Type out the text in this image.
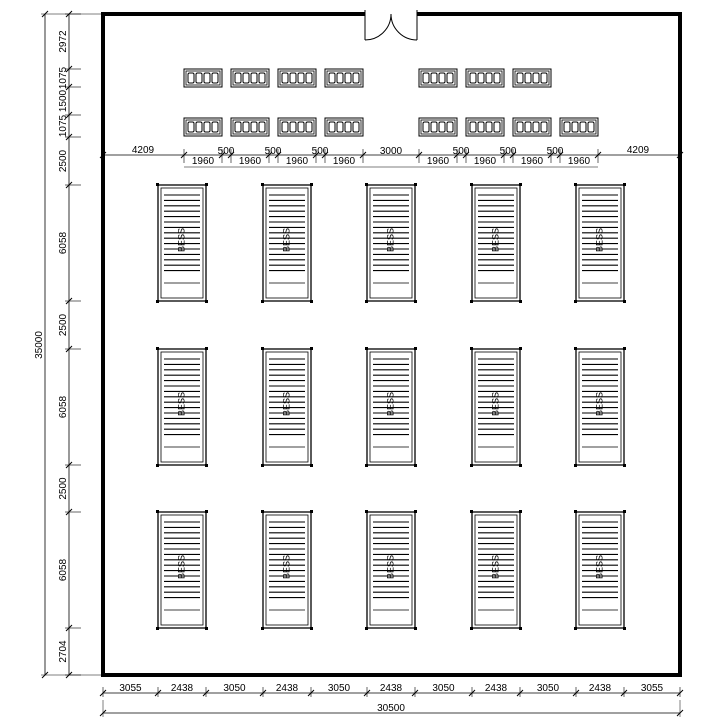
BESS	BESS	BESS	BESS	BESS
BESS	BESS	BESS	BESS	BESS
BESS	BESS	BESS	BESS	BESS
4209	4209
1960
500
1960
500
1960
500
1960
3000
1960
500
1960
500
1960
500
1960
2972
1075
1500
1075
2500
6058
2500
6058
2500
6058
2704
35000
3055	2438	3050	2438	3050	2438	3050	2438	3050	2438	3055
30500
